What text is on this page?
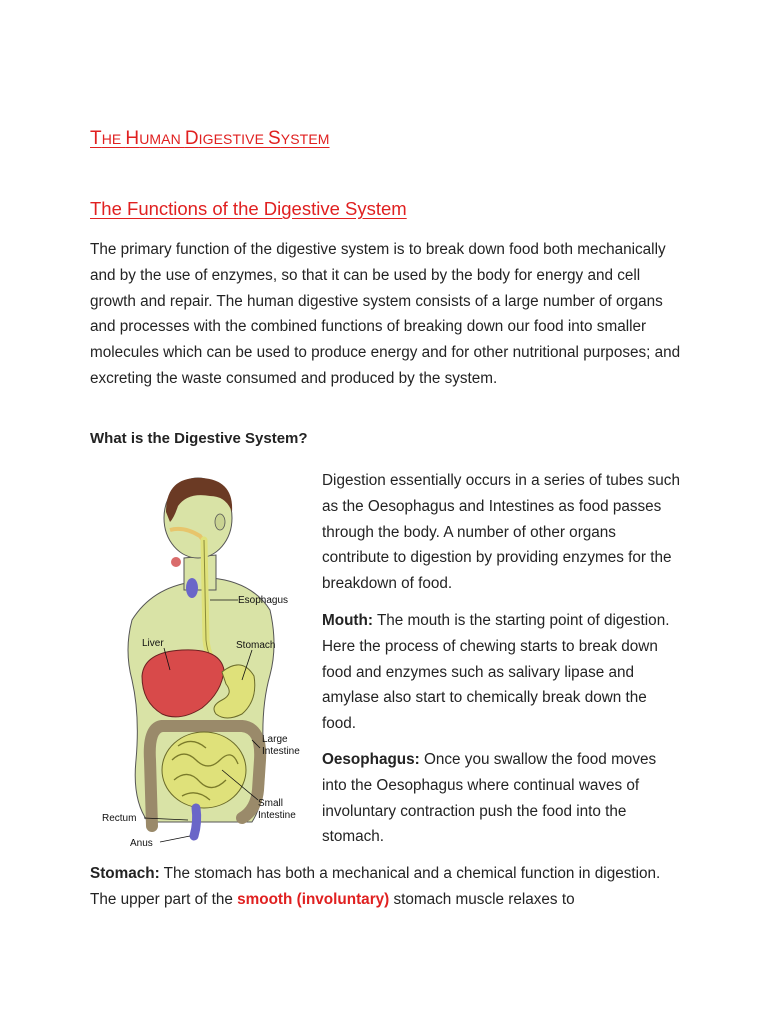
THE HUMAN DIGESTIVE SYSTEM
The Functions of the Digestive System

The primary function of the digestive system is to break down food both mechanically and by the use of enzymes, so that it can be used by the body for energy and cell growth and repair. The human digestive system consists of a large number of organs and processes with the combined functions of breaking down our food into smaller molecules which can be used to produce energy and for other nutritional purposes; and excreting the waste consumed and produced by the system.

What is the Digestive System?
Esophagus
Liver	Stomach
Large
Intestine
Small
Intestine
Rectum
Anus

Digestion essentially occurs in a series of tubes such as the Oesophagus and Intestines as food passes through the body. A number of other organs contribute to digestion by providing enzymes for the breakdown of food.

Mouth: The mouth is the starting point of digestion. Here the process of chewing starts to break down food and enzymes such as salivary lipase and amylase also start to chemically break down the food.

Oesophagus: Once you swallow the food moves into the Oesophagus where continual waves of involuntary contraction push the food into the stomach.

Stomach: The stomach has both a mechanical and a chemical function in digestion. The upper part of the smooth (involuntary) stomach muscle relaxes to
